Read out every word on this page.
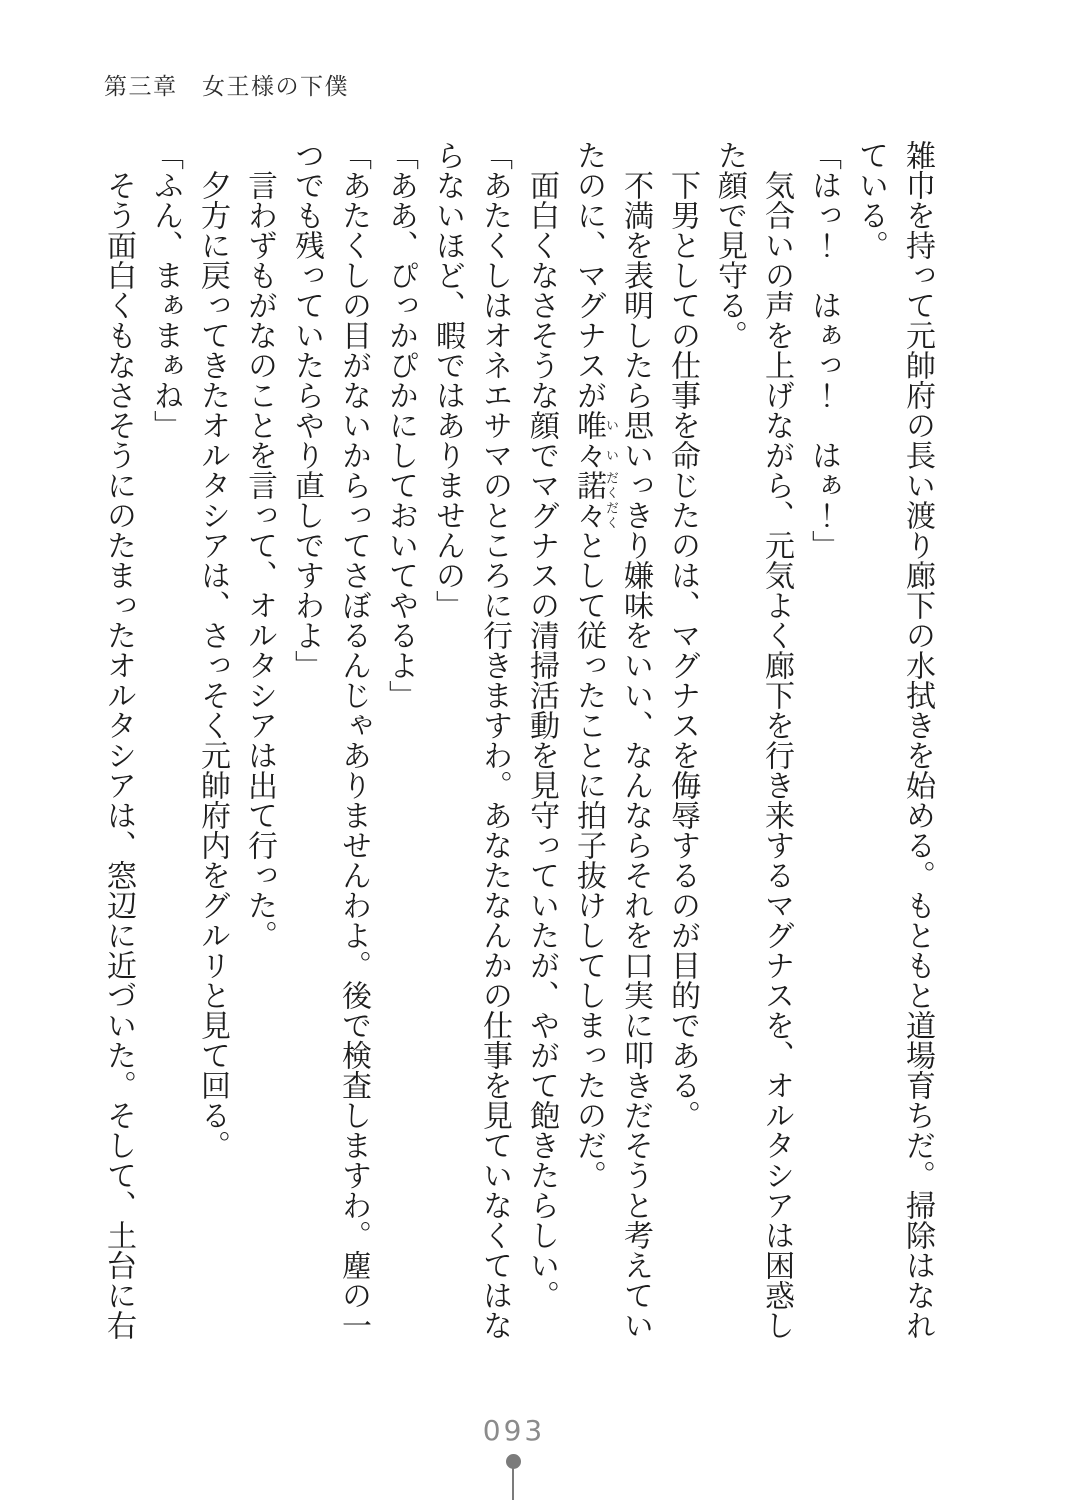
第三章　女王様の下僕

雑巾を持って元帥府の長い渡り廊下の水拭きを始める。もともと道場育ちだ。掃除はなれている。

「はっ！　はぁっ！　はぁ！」

気合いの声を上げながら、元気よく廊下を行き来するマグナスを、オルタシアは困惑した顔で見守る。

下男としての仕事を命じたのは、マグナスを侮辱するのが目的である。

不満を表明したら思いっきり嫌味をいい、なんならそれを口実に叩きだそうと考えていたのに、マグナスが唯々いい諾々だくだくとして従ったことに拍子抜けしてしまったのだ。

面白くなさそうな顔でマグナスの清掃活動を見守っていたが、やがて飽きたらしい。

「あたくしはオネエサマのところに行きますわ。あなたなんかの仕事を見ていなくてはならないほど、暇ではありませんの」

「ああ、ぴっかぴかにしておいてやるよ」

「あたくしの目がないからってさぼるんじゃありませんわよ。後で検査しますわ。塵の一つでも残っていたらやり直しですわよ」

言わずもがなのことを言って、オルタシアは出て行った。

夕方に戻ってきたオルタシアは、さっそく元帥府内をグルリと見て回る。

「ふん、まぁまぁね」

そう面白くもなさそうにのたまったオルタシアは、窓辺に近づいた。そして、土台に右

093
